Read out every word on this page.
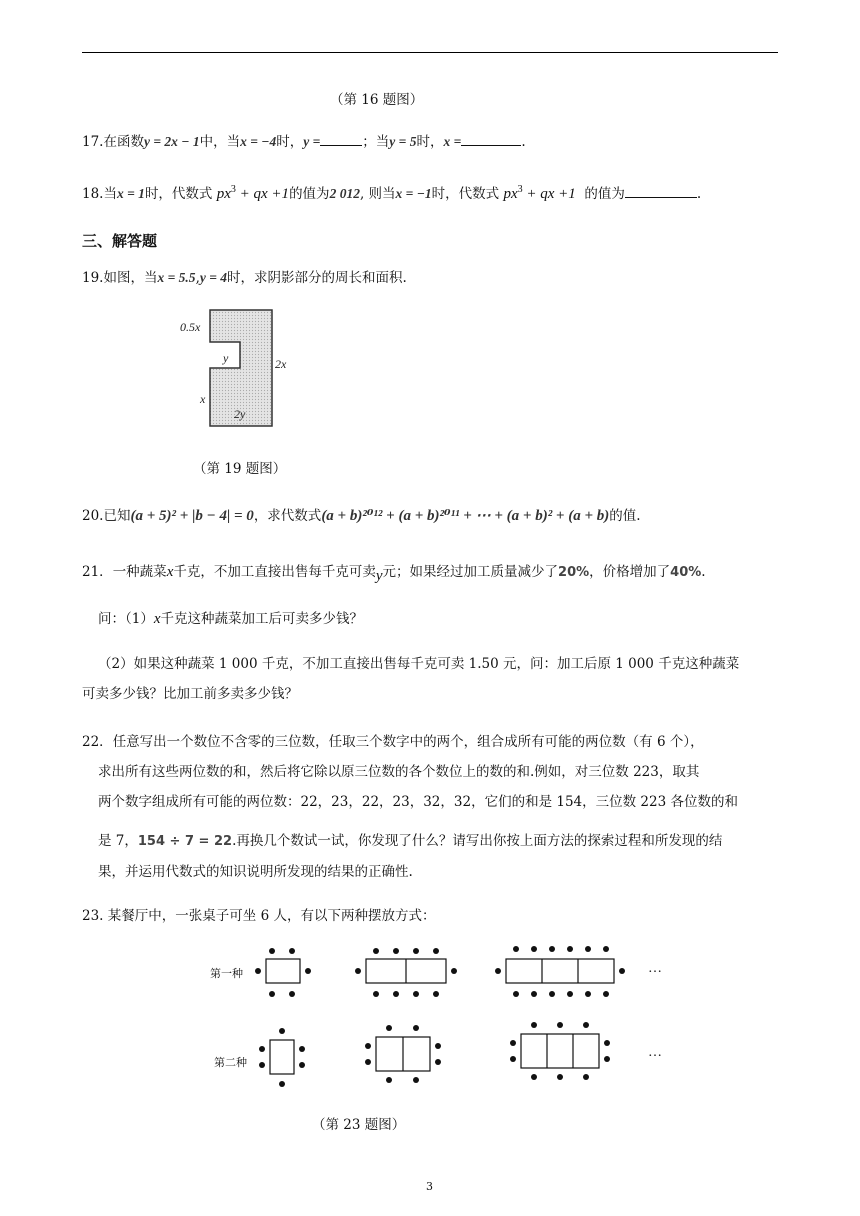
（第 16 题图）
17.在函数y = 2x − 1中，当x = −4时，y =	；当y = 5时，x =	.
18.当x = 1时，代数式 $px^3$ + qx +1的值为2 012, 则当x = −1时，代数式 $px^3$ + qx +1 的值为	.
三、解答题
19.如图，当x = 5.5,y = 4时，求阴影部分的周长和面积.
0.5x
y	2x
x
2y
（第 19 题图）
20.已知(a + 5)² + |b − 4| = 0，求代数式(a + b)²⁰¹² + (a + b)²⁰¹¹ + ⋯ + (a + b)² + (a + b)的值.
21．一种蔬菜x千克，不加工直接出售每千克可卖y元；如果经过加工质量减少了20%，价格增加了40%.
问：（1）x千克这种蔬菜加工后可卖多少钱？
（2）如果这种蔬菜 1 000 千克，不加工直接出售每千克可卖 1.50 元，问：加工后原 1 000 千克这种蔬菜
可卖多少钱？比加工前多卖多少钱？
22．任意写出一个数位不含零的三位数，任取三个数字中的两个，组合成所有可能的两位数（有 6 个），
求出所有这些两位数的和，然后将它除以原三位数的各个数位上的数的和.例如，对三位数 223，取其
两个数字组成所有可能的两位数：22，23，22，23，32，32，它们的和是 154，三位数 223 各位数的和
是 7，154 ÷ 7 = 22.再换几个数试一试，你发现了什么？请写出你按上面方法的探索过程和所发现的结
果，并运用代数式的知识说明所发现的结果的正确性.
23. 某餐厅中，一张桌子可坐 6 人，有以下两种摆放方式：
第一种
第二种
…
…
（第 23 题图）
3
